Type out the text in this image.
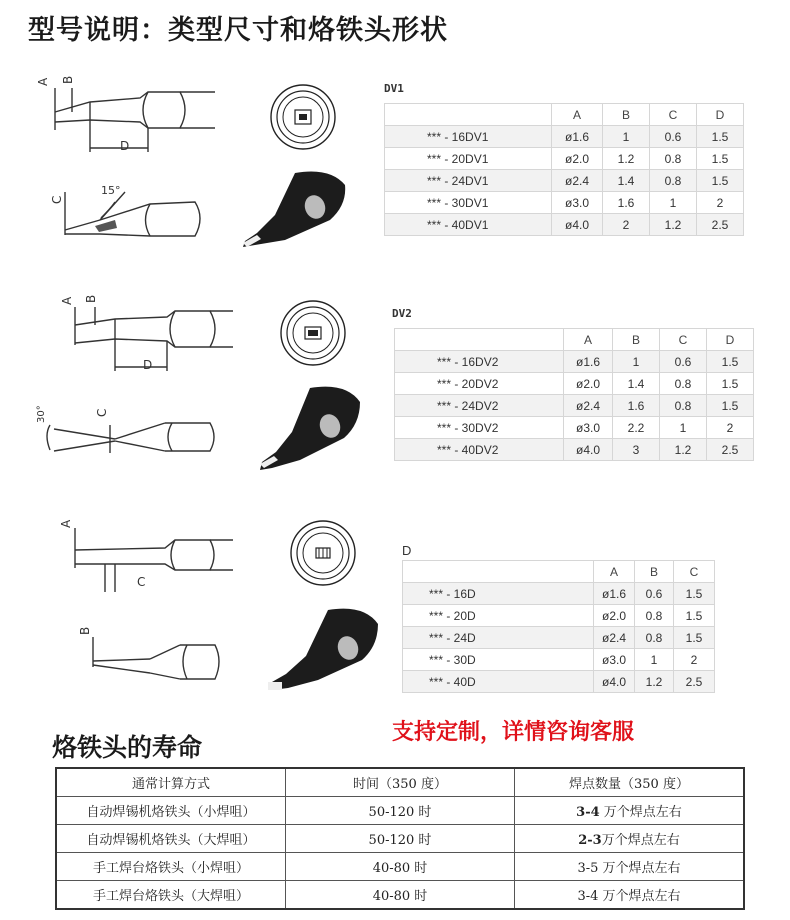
型号说明：类型尺寸和烙铁头形状
A B
D
C
15°
DV1
	A	B	C	D
*** - 16DV1	ø1.6	1	0.6	1.5
*** - 20DV1	ø2.0	1.2	0.8	1.5
*** - 24DV1	ø2.4	1.4	0.8	1.5
*** - 30DV1	ø3.0	1.6	1	2
*** - 40DV1	ø4.0	2	1.2	2.5
A B
D
30°	C
DV2
	A	B	C	D
*** - 16DV2	ø1.6	1	0.6	1.5
*** - 20DV2	ø2.0	1.4	0.8	1.5
*** - 24DV2	ø2.4	1.6	0.8	1.5
*** - 30DV2	ø3.0	2.2	1	2
*** - 40DV2	ø4.0	3	1.2	2.5
A
C
B
D
	A	B	C
*** - 16D	ø1.6	0.6	1.5
*** - 20D	ø2.0	0.8	1.5
*** - 24D	ø2.4	0.8	1.5
*** - 30D	ø3.0	1	2
*** - 40D	ø4.0	1.2	2.5
烙铁头的寿命
支持定制，详情咨询客服
通常计算方式	时间（350 度）	焊点数量（350 度）
自动焊锡机烙铁头（小焊咀）	50-120 时	3-4 万个焊点左右
自动焊锡机烙铁头（大焊咀）	50-120 时	2-3万个焊点左右
手工焊台烙铁头（小焊咀）	40-80 时	3-5 万个焊点左右
手工焊台烙铁头（大焊咀）	40-80 时	3-4 万个焊点左右
